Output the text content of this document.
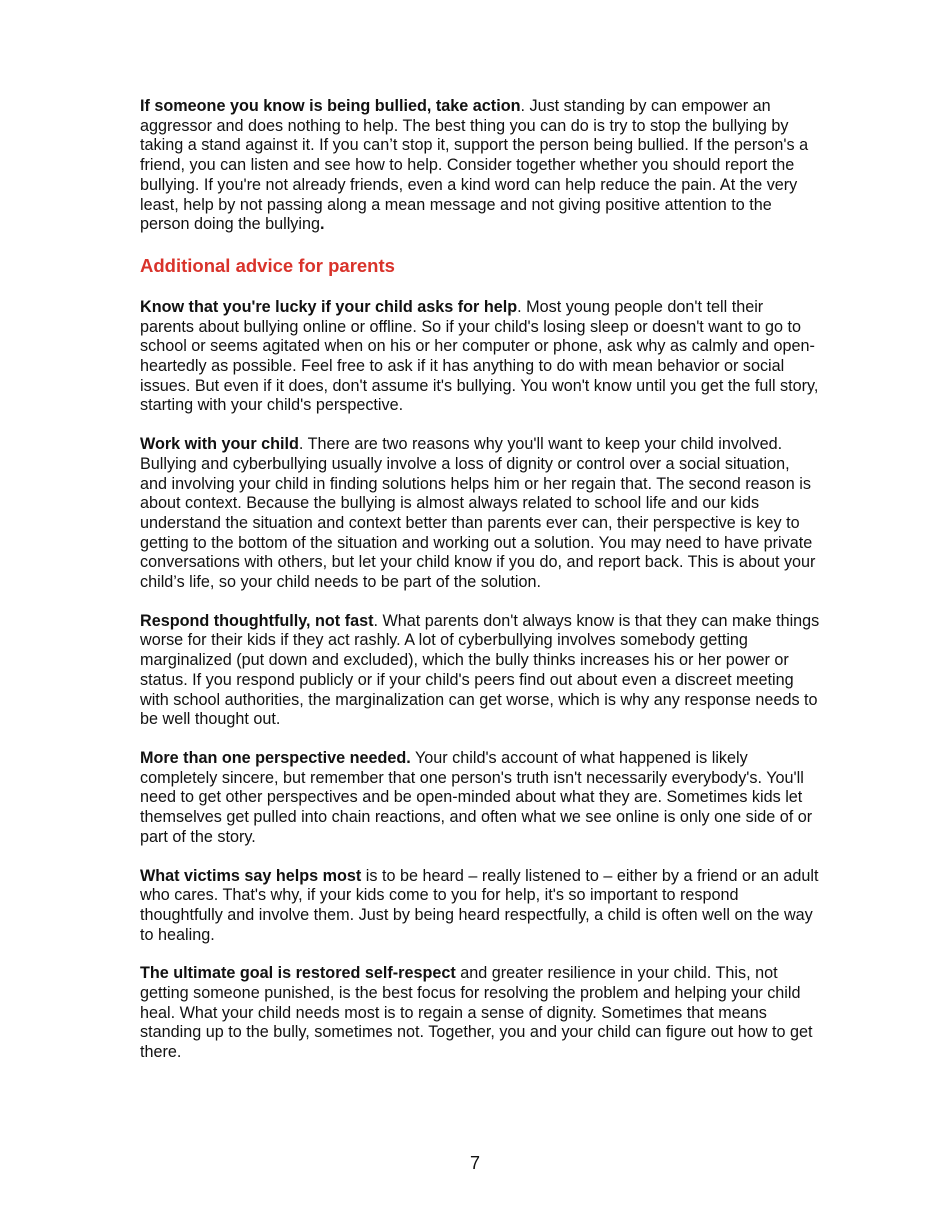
If someone you know is being bullied, take action. Just standing by can empower an aggressor and does nothing to help. The best thing you can do is try to stop the bullying by taking a stand against it. If you can’t stop it, support the person being bullied. If the person's a friend, you can listen and see how to help. Consider together whether you should report the bullying. If you're not already friends, even a kind word can help reduce the pain. At the very least, help by not passing along a mean message and not giving positive attention to the person doing the bullying.

Additional advice for parents

Know that you're lucky if your child asks for help. Most young people don't tell their parents about bullying online or offline. So if your child's losing sleep or doesn't want to go to school or seems agitated when on his or her computer or phone, ask why as calmly and open-heartedly as possible. Feel free to ask if it has anything to do with mean behavior or social issues. But even if it does, don't assume it's bullying. You won't know until you get the full story, starting with your child's perspective.

Work with your child. There are two reasons why you'll want to keep your child involved. Bullying and cyberbullying usually involve a loss of dignity or control over a social situation, and involving your child in finding solutions helps him or her regain that. The second reason is about context. Because the bullying is almost always related to school life and our kids understand the situation and context better than parents ever can, their perspective is key to getting to the bottom of the situation and working out a solution. You may need to have private conversations with others, but let your child know if you do, and report back. This is about your child’s life, so your child needs to be part of the solution.

Respond thoughtfully, not fast. What parents don't always know is that they can make things worse for their kids if they act rashly. A lot of cyberbullying involves somebody getting marginalized (put down and excluded), which the bully thinks increases his or her power or status. If you respond publicly or if your child's peers find out about even a discreet meeting with school authorities, the marginalization can get worse, which is why any response needs to be well thought out.

More than one perspective needed. Your child's account of what happened is likely completely sincere, but remember that one person's truth isn't necessarily everybody's. You'll need to get other perspectives and be open-minded about what they are. Sometimes kids let themselves get pulled into chain reactions, and often what we see online is only one side of or part of the story.

What victims say helps most is to be heard – really listened to – either by a friend or an adult who cares. That's why, if your kids come to you for help, it's so important to respond thoughtfully and involve them. Just by being heard respectfully, a child is often well on the way to healing.

The ultimate goal is restored self-respect and greater resilience in your child. This, not getting someone punished, is the best focus for resolving the problem and helping your child heal. What your child needs most is to regain a sense of dignity. Sometimes that means standing up to the bully, sometimes not. Together, you and your child can figure out how to get there.

7
